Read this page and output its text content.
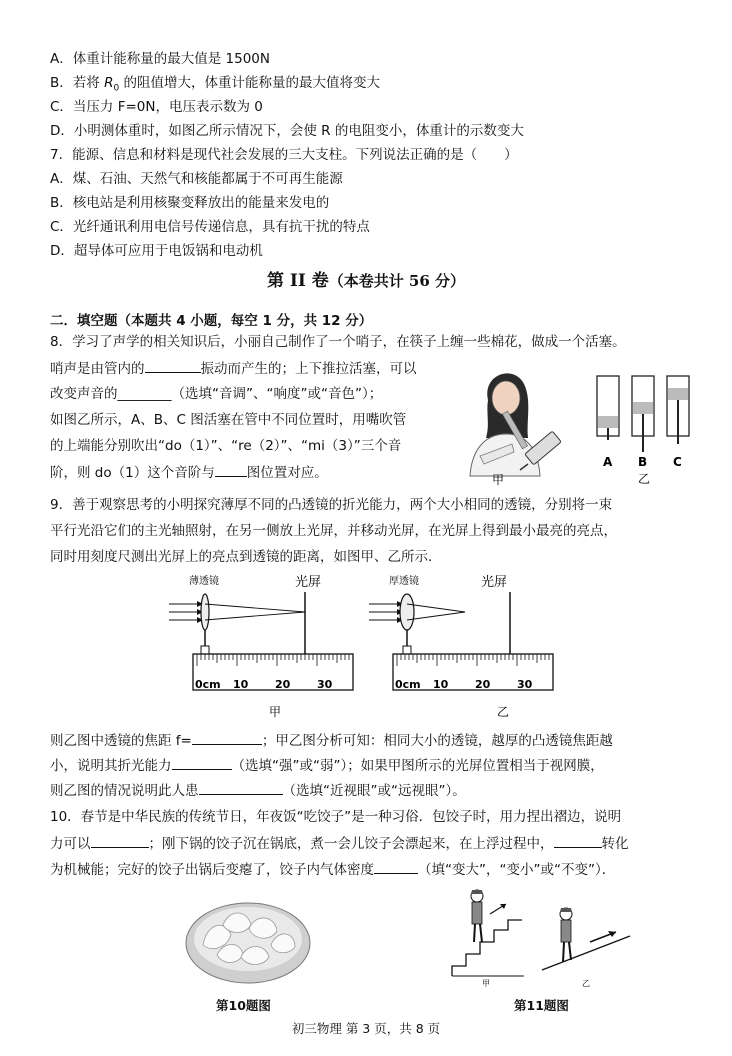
A．体重计能称量的最大值是 1500N
B．若将 $R_0$ 的阻值增大，体重计能称量的最大值将变大
C．当压力 F=0N，电压表示数为 0
D．小明测体重时，如图乙所示情况下，会使 R 的电阻变小，体重计的示数变大
7．能源、信息和材料是现代社会发展的三大支柱。下列说法正确的是（　　）
A．煤、石油、天然气和核能都属于不可再生能源
B．核电站是利用核聚变释放出的能量来发电的
C．光纤通讯利用电信号传递信息，具有抗干扰的特点
D．超导体可应用于电饭锅和电动机
第 II 卷（本卷共计 56 分）
二．填空题（本题共 4 小题，每空 1 分，共 12 分）
8．学习了声学的相关知识后，小丽自己制作了一个哨子，在筷子上缠一些棉花，做成一个活塞。
哨声是由管内的	振动而产生的；上下推拉活塞，可以
改变声音的________（选填“音调”、“响度”或“音色”）；
如图乙所示，A、B、C 图活塞在管中不同位置时，用嘴吹管
的上端能分别吹出“do（1）”、“re（2）”、“mi（3）”三个音
阶，则 do（1）这个音阶与 图位置对应。	甲
A B C
乙
9．善于观察思考的小明探究薄厚不同的凸透镜的折光能力，两个大小相同的透镜，分别将一束
平行光沿它们的主光轴照射，在另一侧放上光屏，并移动光屏，在光屏上得到最小最亮的亮点，
同时用刻度尺测出光屏上的亮点到透镜的距离，如图甲、乙所示．
薄透镜	光屏
0cm 10 20 30
甲
厚透镜	光屏
0cm 10 20 30
乙
则乙图中透镜的焦距 f=	；甲乙图分析可知：相同大小的透镜，越厚的凸透镜焦距越
小，说明其折光能力	（选填“强”或“弱”）；如果甲图所示的光屏位置相当于视网膜，
则乙图的情况说明此人患	（选填“近视眼”或“远视眼”）。
10．春节是中华民族的传统节日，年夜饭“吃饺子”是一种习俗．包饺子时，用力捏出褶边，说明
力可以	；刚下锅的饺子沉在锅底，煮一会儿饺子会漂起来，在上浮过程中，	转化
为机械能；完好的饺子出锅后变瘪了，饺子内气体密度	（填“变大”，“变小”或“不变”）．
第10题图
甲	乙
第11题图
初三物理 第 3 页，共 8 页
